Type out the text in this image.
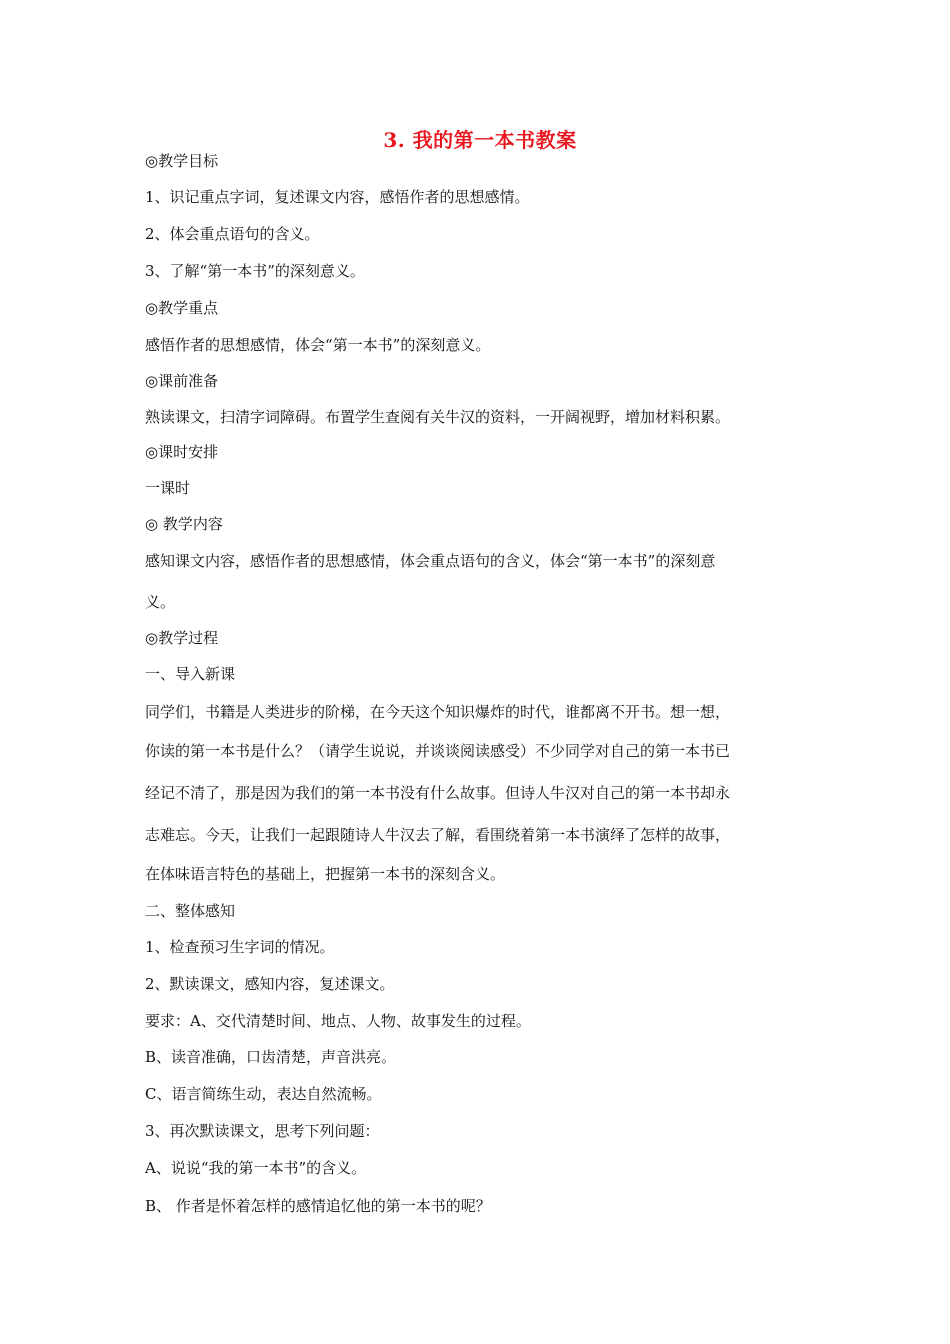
3. 我的第一本书教案
◎教学目标
1、识记重点字词，复述课文内容，感悟作者的思想感情。
2、体会重点语句的含义。
3、了解“第一本书”的深刻意义。
◎教学重点
感悟作者的思想感情，体会“第一本书”的深刻意义。
◎课前准备
熟读课文，扫清字词障碍。布置学生查阅有关牛汉的资料，一开阔视野，增加材料积累。
◎课时安排
一课时
◎ 教学内容
感知课文内容，感悟作者的思想感情，体会重点语句的含义，体会“第一本书”的深刻意
义。
◎教学过程
一、导入新课
同学们，书籍是人类进步的阶梯，在今天这个知识爆炸的时代，谁都离不开书。想一想，
你读的第一本书是什么？（请学生说说，并谈谈阅读感受）不少同学对自己的第一本书已
经记不清了，那是因为我们的第一本书没有什么故事。但诗人牛汉对自己的第一本书却永
志难忘。今天，让我们一起跟随诗人牛汉去了解，看围绕着第一本书演绎了怎样的故事，
在体味语言特色的基础上，把握第一本书的深刻含义。
二、整体感知
1、检查预习生字词的情况。
2、默读课文，感知内容，复述课文。
要求：A、交代清楚时间、地点、人物、故事发生的过程。
B、读音准确，口齿清楚，声音洪亮。
C、语言简练生动，表达自然流畅。
3、再次默读课文，思考下列问题：
A、说说“我的第一本书”的含义。
B、 作者是怀着怎样的感情追忆他的第一本书的呢？
